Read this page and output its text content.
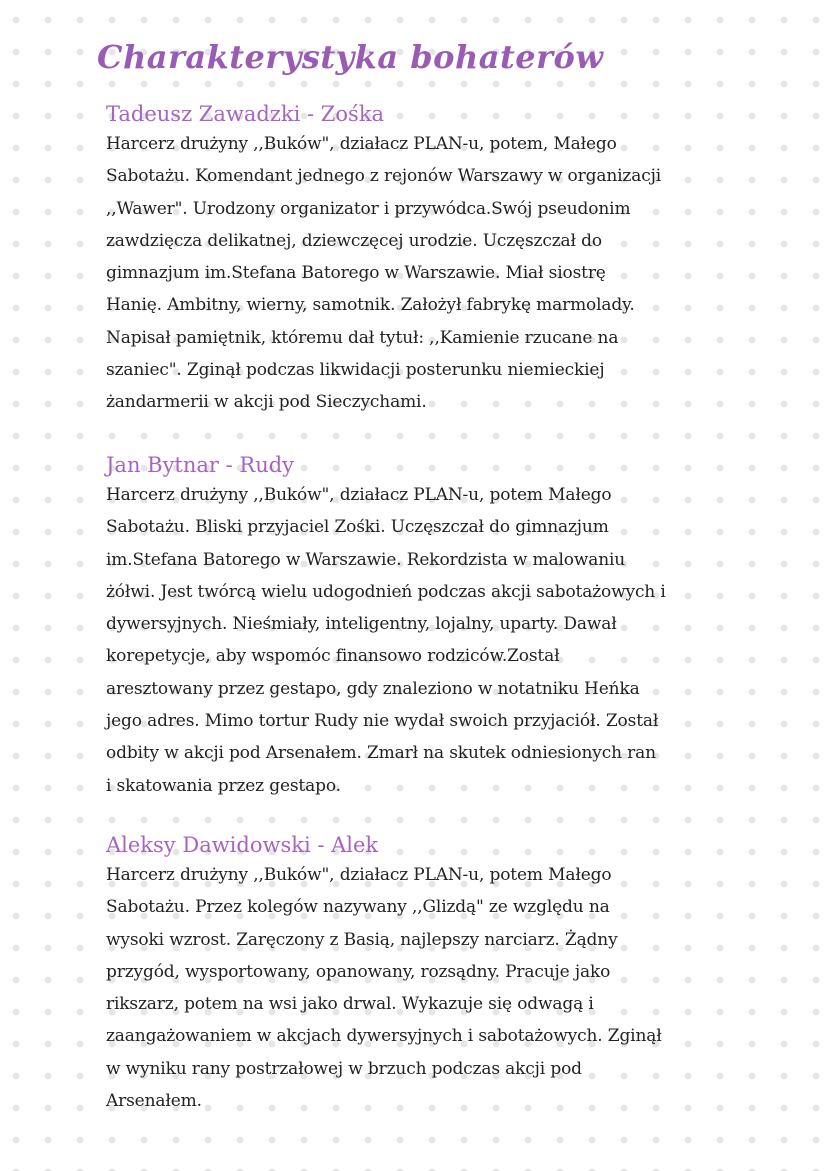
Charakterystyka bohaterów
Tadeusz Zawadzki - Zośka

Harcerz drużyny ,,Buków", działacz PLAN-u, potem, Małego
Sabotażu. Komendant jednego z rejonów Warszawy w organizacji
,,Wawer". Urodzony organizator i przywódca.Swój pseudonim
zawdzięcza delikatnej, dziewczęcej urodzie. Uczęszczał do
gimnazjum im.Stefana Batorego w Warszawie. Miał siostrę
Hanię. Ambitny, wierny, samotnik. Założył fabrykę marmolady.
Napisał pamiętnik, któremu dał tytuł: ,,Kamienie rzucane na
szaniec". Zginął podczas likwidacji posterunku niemieckiej
żandarmerii w akcji pod Sieczychami.

Jan Bytnar - Rudy

Harcerz drużyny ,,Buków", działacz PLAN-u, potem Małego
Sabotażu. Bliski przyjaciel Zośki. Uczęszczał do gimnazjum
im.Stefana Batorego w Warszawie. Rekordzista w malowaniu
żółwi. Jest twórcą wielu udogodnień podczas akcji sabotażowych i
dywersyjnych. Nieśmiały, inteligentny, lojalny, uparty. Dawał
korepetycje, aby wspomóc finansowo rodziców.Został
aresztowany przez gestapo, gdy znaleziono w notatniku Heńka
jego adres. Mimo tortur Rudy nie wydał swoich przyjaciół. Został
odbity w akcji pod Arsenałem. Zmarł na skutek odniesionych ran
i skatowania przez gestapo.

Aleksy Dawidowski - Alek

Harcerz drużyny ,,Buków", działacz PLAN-u, potem Małego
Sabotażu. Przez kolegów nazywany ,,Glizdą" ze względu na
wysoki wzrost. Zaręczony z Basią, najlepszy narciarz. Żądny
przygód, wysportowany, opanowany, rozsądny. Pracuje jako
rikszarz, potem na wsi jako drwal. Wykazuje się odwagą i
zaangażowaniem w akcjach dywersyjnych i sabotażowych. Zginął
w wyniku rany postrzałowej w brzuch podczas akcji pod
Arsenałem.
